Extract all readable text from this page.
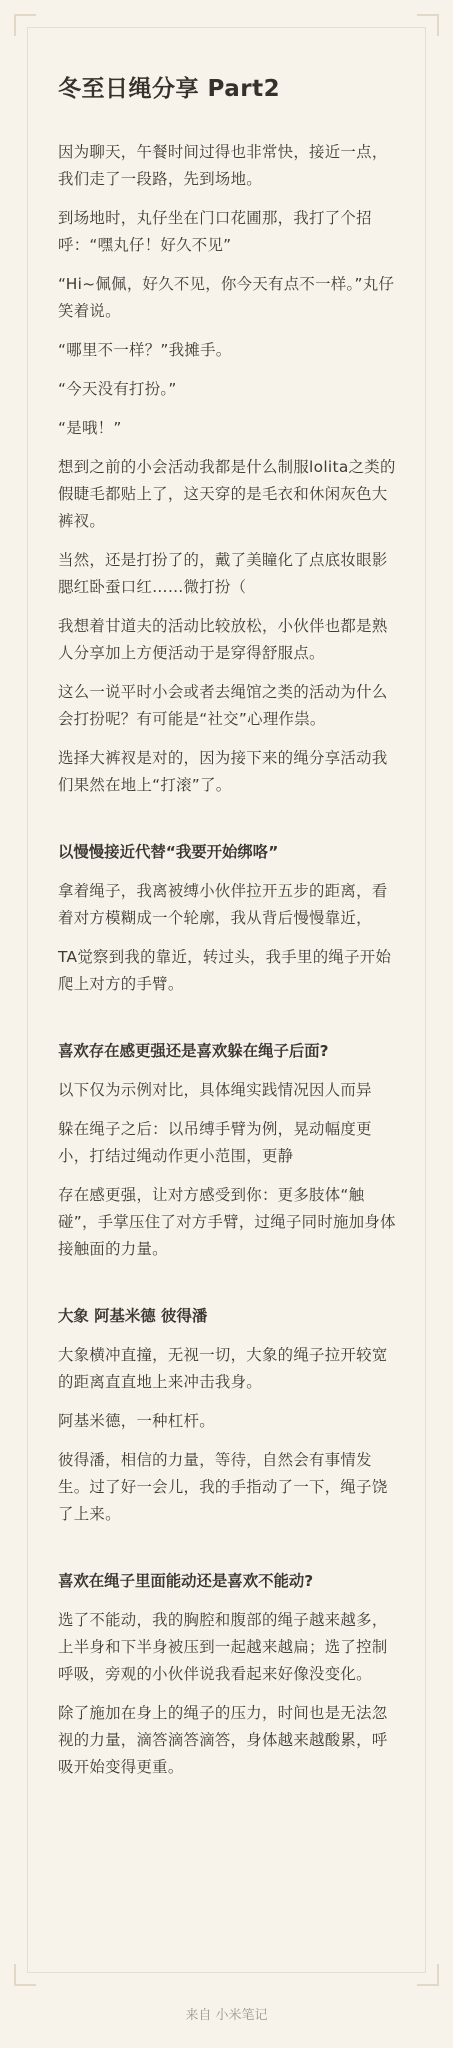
冬至日绳分享 Part2

因为聊天，午餐时间过得也非常快，接近一点，我们走了一段路，先到场地。

到场地时，丸仔坐在门口花圃那，我打了个招呼：“嘿丸仔！好久不见”

“Hi~佩佩，好久不见，你今天有点不一样。”丸仔笑着说。

“哪里不一样？”我摊手。

“今天没有打扮。”

“是哦！”

想到之前的小会活动我都是什么制服lolita之类的假睫毛都贴上了，这天穿的是毛衣和休闲灰色大裤衩。

当然，还是打扮了的，戴了美瞳化了点底妆眼影腮红卧蚕口红……微打扮（

我想着甘道夫的活动比较放松，小伙伴也都是熟人分享加上方便活动于是穿得舒服点。

这么一说平时小会或者去绳馆之类的活动为什么会打扮呢？有可能是“社交”心理作祟。

选择大裤衩是对的，因为接下来的绳分享活动我们果然在地上“打滚”了。

以慢慢接近代替“我要开始绑咯”

拿着绳子，我离被缚小伙伴拉开五步的距离，看着对方模糊成一个轮廓，我从背后慢慢靠近，

TA觉察到我的靠近，转过头，我手里的绳子开始爬上对方的手臂。

喜欢存在感更强还是喜欢躲在绳子后面?

以下仅为示例对比，具体绳实践情况因人而异

躲在绳子之后：以吊缚手臂为例，晃动幅度更小，打结过绳动作更小范围，更静

存在感更强，让对方感受到你：更多肢体“触碰”，手掌压住了对方手臂，过绳子同时施加身体接触面的力量。

大象 阿基米德 彼得潘

大象横冲直撞，无视一切，大象的绳子拉开较宽的距离直直地上来冲击我身。

阿基米德，一种杠杆。

彼得潘，相信的力量，等待，自然会有事情发生。过了好一会儿，我的手指动了一下，绳子饶了上来。

喜欢在绳子里面能动还是喜欢不能动?

选了不能动，我的胸腔和腹部的绳子越来越多，上半身和下半身被压到一起越来越扁；选了控制呼吸，旁观的小伙伴说我看起来好像没变化。

除了施加在身上的绳子的压力，时间也是无法忽视的力量，滴答滴答滴答，身体越来越酸累，呼吸开始变得更重。

来自 小米笔记
